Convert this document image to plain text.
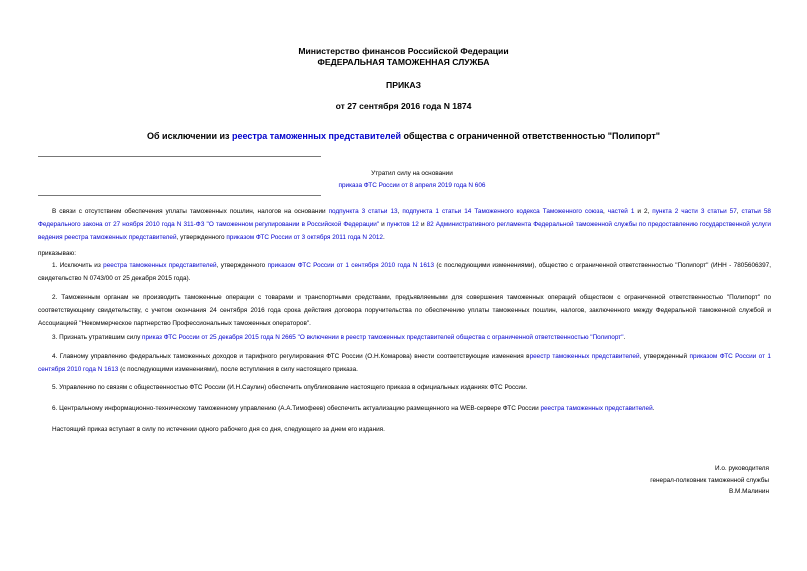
Министерство финансов Российской Федерации
ФЕДЕРАЛЬНАЯ ТАМОЖЕННАЯ СЛУЖБА
ПРИКАЗ
от 27 сентября 2016 года N 1874
Об исключении из реестра таможенных представителей общества с ограниченной ответственностью "Полипорт"
Утратил силу на основании
приказа ФТС России от 8 апреля 2019 года N 606

В связи с отсутствием обеспечения уплаты таможенных пошлин, налогов на основании подпункта 3 статьи 13, подпункта 1 статьи 14 Таможенного кодекса Таможенного союза, частей 1 и 2, пункта 2 части 3 статьи 57, статьи 58 Федерального закона от 27 ноября 2010 года N 311-ФЗ "О таможенном регулировании в Российской Федерации" и пунктов 12 и 82 Административного регламента Федеральной таможенной службы по предоставлению государственной услуги ведения реестра таможенных представителей, утвержденного приказом ФТС России от 3 октября 2011 года N 2012.

приказываю:

1. Исключить из реестра таможенных представителей, утвержденного приказом ФТС России от 1 сентября 2010 года N 1613 (с последующими изменениями), общество с ограниченной ответственностью "Полипорт" (ИНН - 7805606397, свидетельство N 0743/00 от 25 декабря 2015 года).

2. Таможенным органам не производить таможенные операции с товарами и транспортными средствами, предъявляемыми для совершения таможенных операций обществом с ограниченной ответственностью "Полипорт" по соответствующему свидетельству, с учетом окончания 24 сентября 2016 года срока действия договора поручительства по обеспечению уплаты таможенных пошлин, налогов, заключенного между Федеральной таможенной службой и Ассоциацией "Некоммерческое партнерство Профессиональных таможенных операторов".

3. Признать утратившим силу приказ ФТС России от 25 декабря 2015 года N 2665 "О включении в реестр таможенных представителей общества с ограниченной ответственностью "Полипорт".

4. Главному управлению федеральных таможенных доходов и тарифного регулирования ФТС России (О.Н.Комарова) внести соответствующие изменения вреестр таможенных представителей, утвержденный приказом ФТС России от 1 сентября 2010 года N 1613 (с последующими изменениями), после вступления в силу настоящего приказа.

5. Управлению по связям с общественностью ФТС России (И.Н.Саулин) обеспечить опубликование настоящего приказа в официальных изданиях ФТС России.

6. Центральному информационно-техническому таможенному управлению (А.А.Тимофеев) обеспечить актуализацию размещенного на WEB-сервере ФТС России реестра таможенных представителей.

Настоящий приказ вступает в силу по истечении одного рабочего дня со дня, следующего за днем его издания.

И.о. руководителя
генерал-полковник таможенной службы
В.М.Малинин
